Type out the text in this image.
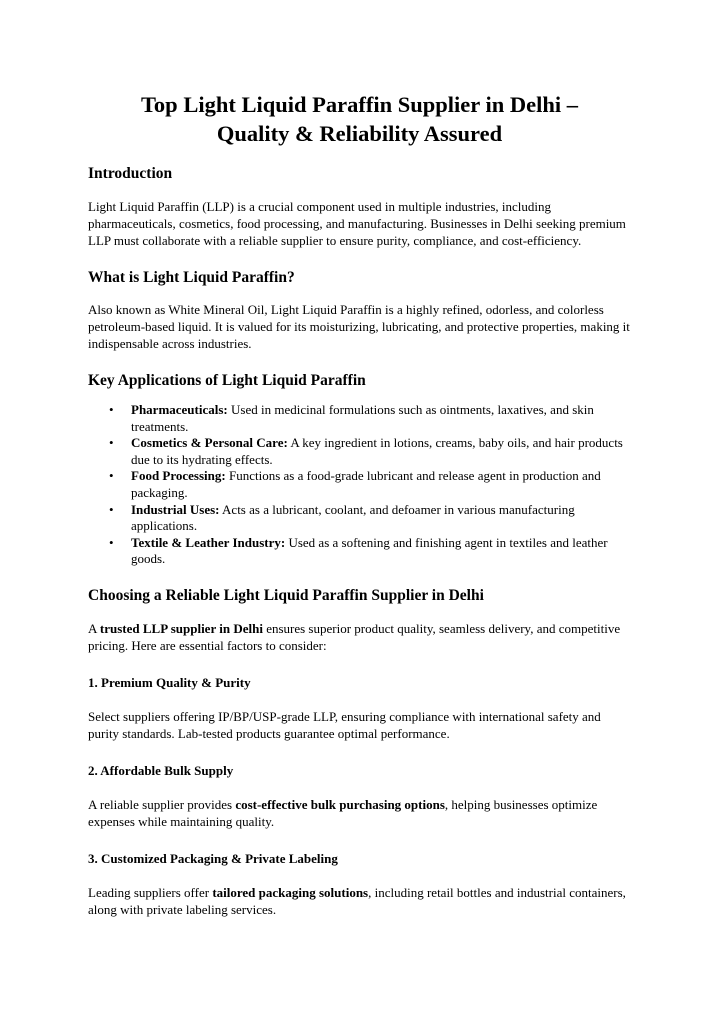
Top Light Liquid Paraffin Supplier in Delhi –
Quality & Reliability Assured
Introduction

Light Liquid Paraffin (LLP) is a crucial component used in multiple industries, including pharmaceuticals, cosmetics, food processing, and manufacturing. Businesses in Delhi seeking premium LLP must collaborate with a reliable supplier to ensure purity, compliance, and cost-efficiency.

What is Light Liquid Paraffin?

Also known as White Mineral Oil, Light Liquid Paraffin is a highly refined, odorless, and colorless petroleum-based liquid. It is valued for its moisturizing, lubricating, and protective properties, making it indispensable across industries.

Key Applications of Light Liquid Paraffin
• Pharmaceuticals: Used in medicinal formulations such as ointments, laxatives, and skin treatments.
• Cosmetics & Personal Care: A key ingredient in lotions, creams, baby oils, and hair products due to its hydrating effects.
• Food Processing: Functions as a food-grade lubricant and release agent in production and packaging.
• Industrial Uses: Acts as a lubricant, coolant, and defoamer in various manufacturing applications.
• Textile & Leather Industry: Used as a softening and finishing agent in textiles and leather goods.
Choosing a Reliable Light Liquid Paraffin Supplier in Delhi

A trusted LLP supplier in Delhi ensures superior product quality, seamless delivery, and competitive pricing. Here are essential factors to consider:

1. Premium Quality & Purity

Select suppliers offering IP/BP/USP-grade LLP, ensuring compliance with international safety and purity standards. Lab-tested products guarantee optimal performance.

2. Affordable Bulk Supply

A reliable supplier provides cost-effective bulk purchasing options, helping businesses optimize expenses while maintaining quality.

3. Customized Packaging & Private Labeling

Leading suppliers offer tailored packaging solutions, including retail bottles and industrial containers, along with private labeling services.
